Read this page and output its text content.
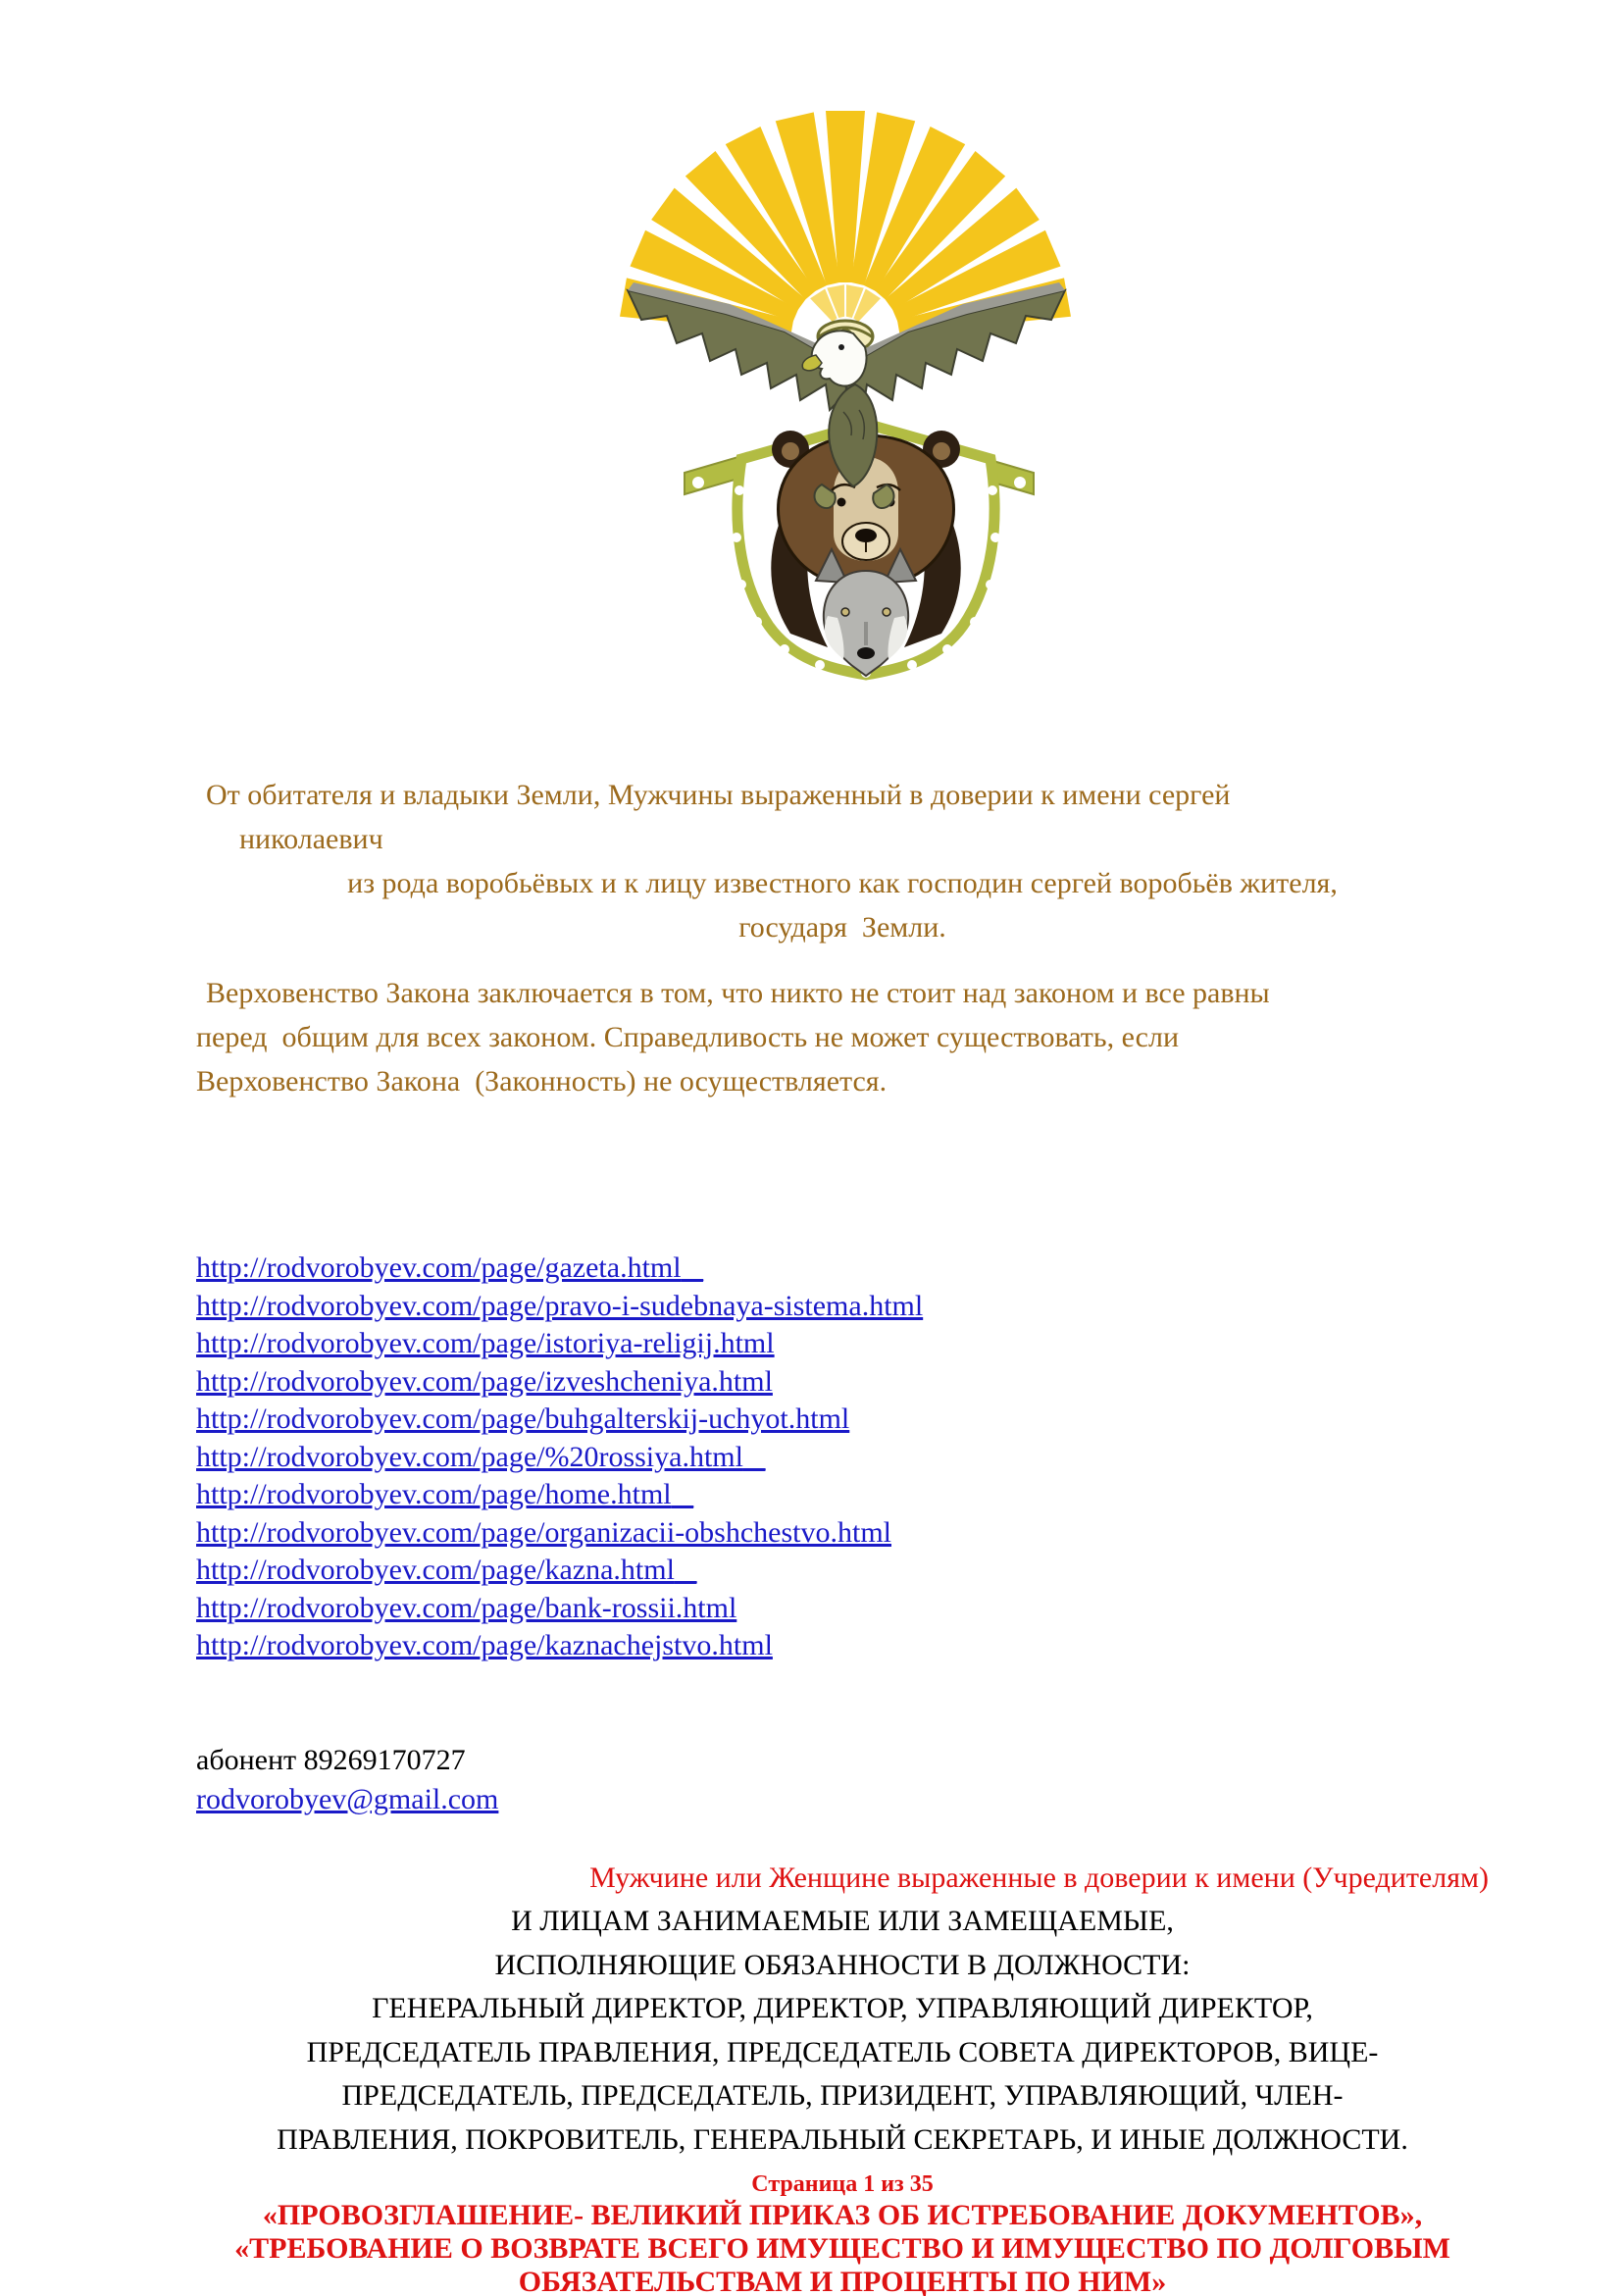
От обитателя и владыки Земли, Мужчины выраженный в доверии к имени сергей
николаевич
из рода воробьёвых и к лицу известного как господин сергей воробьёв жителя,
государя  Земли.
Верховенство Закона заключается в том, что никто не стоит над законом и все равны
перед  общим для всех законом. Справедливость не может существовать, если
Верховенство Закона  (Законность) не осуществляется.
http://rodvorobyev.com/page/gazeta.html _
http://rodvorobyev.com/page/pravo-i-sudebnaya-sistema.html
http://rodvorobyev.com/page/istoriya-religij.html
http://rodvorobyev.com/page/izveshcheniya.html
http://rodvorobyev.com/page/buhgalterskij-uchyot.html
http://rodvorobyev.com/page/%20rossiya.html _
http://rodvorobyev.com/page/home.html _
http://rodvorobyev.com/page/organizacii-obshchestvo.html
http://rodvorobyev.com/page/kazna.html _
http://rodvorobyev.com/page/bank-rossii.html
http://rodvorobyev.com/page/kaznachejstvo.html
абонент 89269170727
rodvorobyev@gmail.com
Мужчине или Женщине выраженные в доверии к имени (Учредителям)
И ЛИЦАМ ЗАНИМАЕМЫЕ ИЛИ ЗАМЕЩАЕМЫЕ,
ИСПОЛНЯЮЩИЕ ОБЯЗАННОСТИ В ДОЛЖНОСТИ:
ГЕНЕРАЛЬНЫЙ ДИРЕКТОР, ДИРЕКТОР, УПРАВЛЯЮЩИЙ ДИРЕКТОР,
ПРЕДСЕДАТЕЛЬ ПРАВЛЕНИЯ, ПРЕДСЕДАТЕЛЬ СОВЕТА ДИРЕКТОРОВ, ВИЦЕ-
ПРЕДСЕДАТЕЛЬ, ПРЕДСЕДАТЕЛЬ, ПРИЗИДЕНТ, УПРАВЛЯЮЩИЙ, ЧЛЕН-
ПРАВЛЕНИЯ, ПОКРОВИТЕЛЬ, ГЕНЕРАЛЬНЫЙ СЕКРЕТАРЬ, И ИНЫЕ ДОЛЖНОСТИ.
Страница 1 из 35
«ПРОВОЗГЛАШЕНИЕ- ВЕЛИКИЙ ПРИКАЗ ОБ ИСТРЕБОВАНИЕ ДОКУМЕНТОВ»,
«ТРЕБОВАНИЕ О ВОЗВРАТЕ ВСЕГО ИМУЩЕСТВО И ИМУЩЕСТВО ПО ДОЛГОВЫМ
ОБЯЗАТЕЛЬСТВАМ И ПРОЦЕНТЫ ПО НИМ»
